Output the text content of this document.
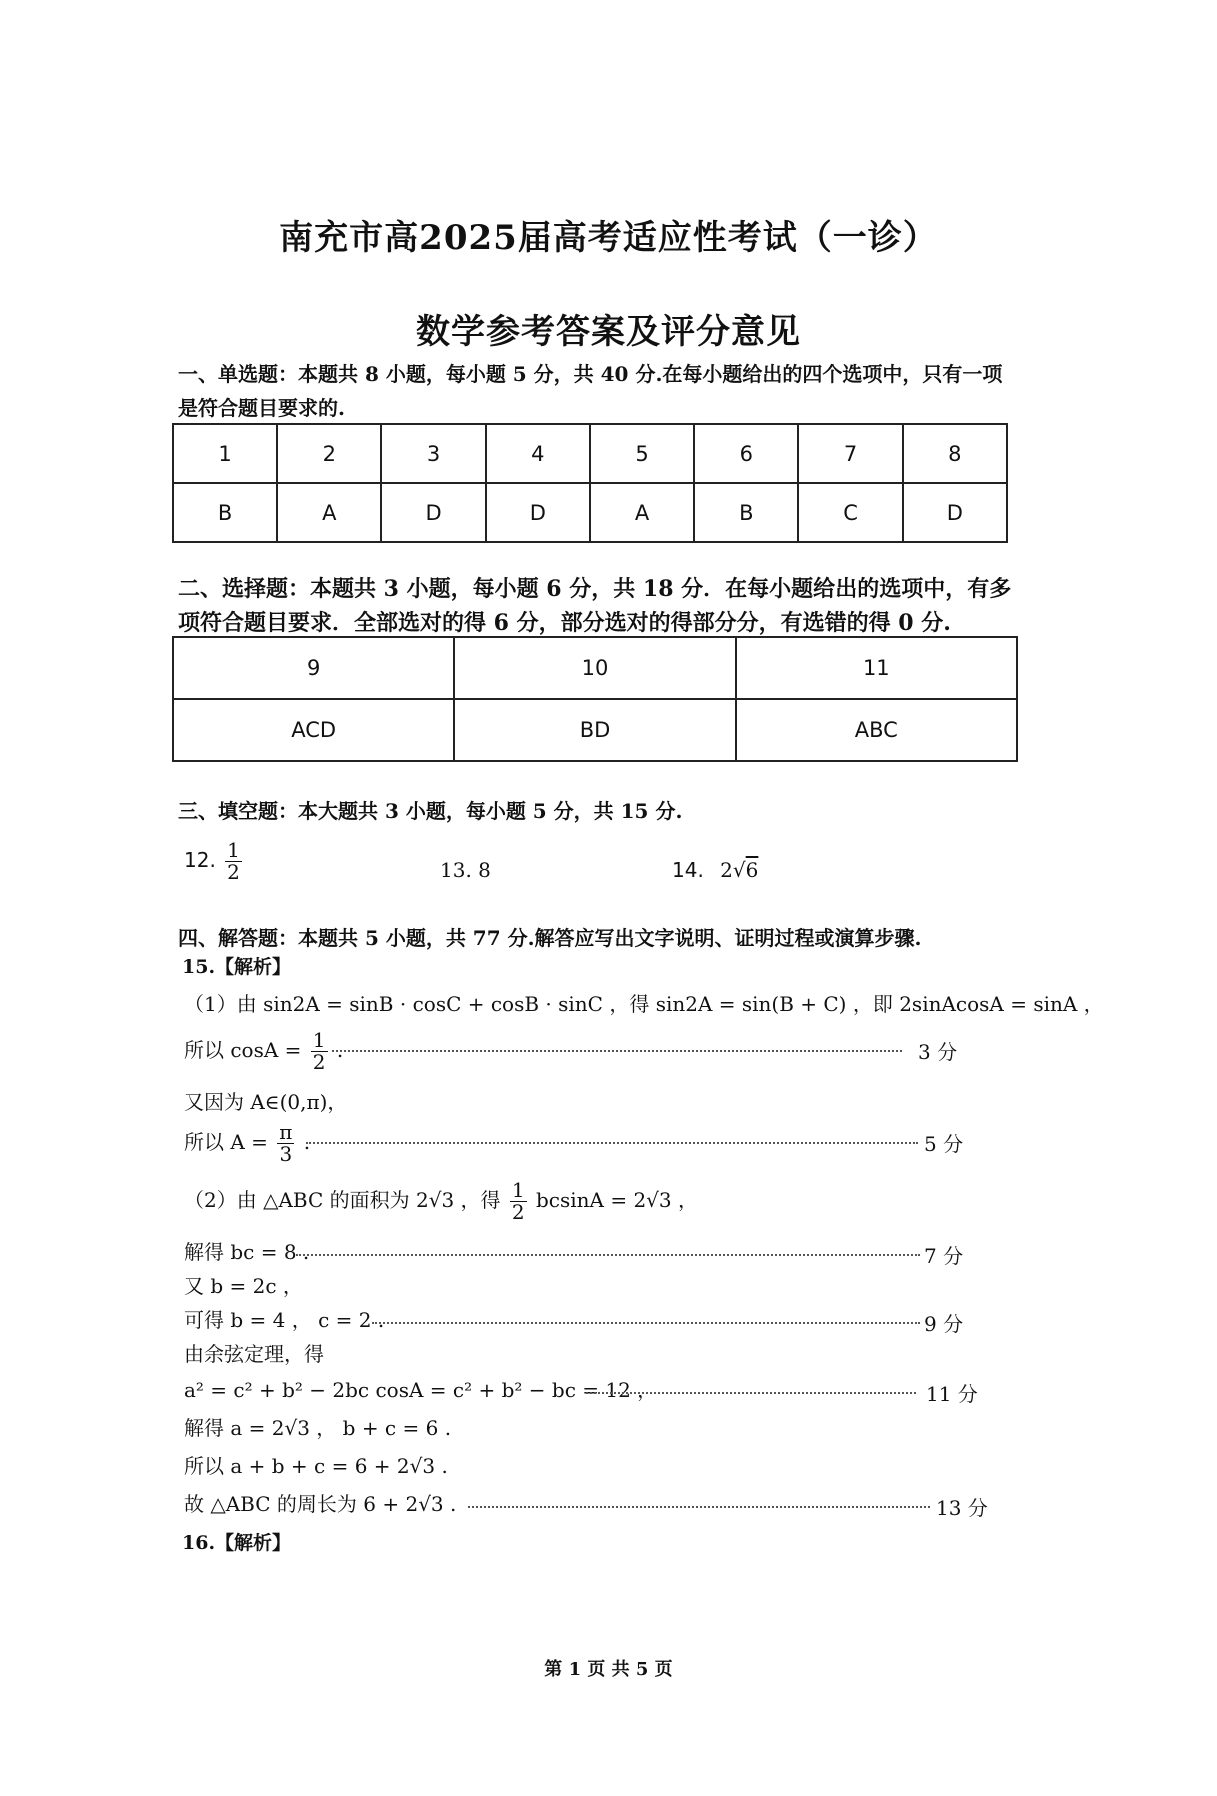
南充市高2025届高考适应性考试（一诊）
数学参考答案及评分意见
一、单选题：本题共 8 小题，每小题 5 分，共 40 分.在每小题给出的四个选项中，只有一项
是符合题目要求的.
1	2	3	4	5	6	7	8
B	A	D	D	A	B	C	D
二、选择题：本题共 3 小题，每小题 6 分，共 18 分．在每小题给出的选项中，有多
项符合题目要求．全部选对的得 6 分，部分选对的得部分分，有选错的得 0 分.
9	10	11
ACD	BD	ABC
三、填空题：本大题共 3 小题，每小题 5 分，共 15 分.
12. $\frac{1}{2}$	13. 8	14. 2√6
四、解答题：本题共 5 小题，共 77 分.解答应写出文字说明、证明过程或演算步骤.
15.【解析】
（1）由 sin2A = sinB · cosC + cosB · sinC ，得 sin2A = sin(B + C) ，即 2sinAcosA = sinA ，
所以 $\cos A = \frac{1}{2}$ .	3 分
又因为 A∈(0,π)，
所以 $A = \frac{\pi}{3}$ .	5 分
（2）由 △ABC 的面积为 2√3 ，得 $\frac{1}{2}$ bcsinA = 2√3 ，
解得 bc = 8 .	7 分
又 b = 2c ，
可得 b = 4 ， c = 2 .	9 分
由余弦定理，得
a² = c² + b² − 2bc cosA = c² + b² − bc = 12 ，	11 分
解得 a = 2√3 ， b + c = 6 .
所以 a + b + c = 6 + 2√3 .
故 △ABC 的周长为 6 + 2√3 .	13 分
16.【解析】
第 1 页 共 5 页
